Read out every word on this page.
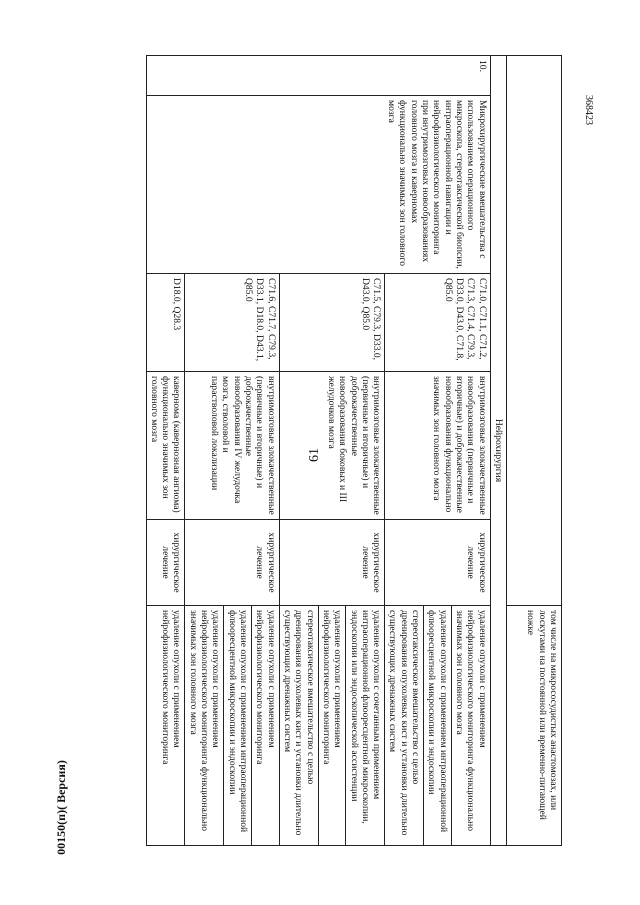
61
00150(п)( Версия)
368423
					том числе на микрососудистых анастомозах, или лоскутами на постоянной или временно-питающей ножке
Нейрохирургия					
10.	Микрохирургические вмешательства с использованием операционного микроскопа, стереотаксической биопсии, интраоперационной навигации и нейрофизиологического мониторинга при внутримозговых новообразованиях головного мозга и каверномах функционально значимых зон головного мозга	C71.0, C71.1, C71.2, C71.3, C71.4, C79.3, D33.0, D43.0, C71.8, Q85.0	внутримозговые злокачественные новообразования (первичные и вторичные) и доброкачественные новообразования функционально значимых зон головного мозга	хирургическое лечение	удаление опухоли с применением нейрофизиологического мониторинга функционально значимых зон головного мозга
					удаление опухоли с применением интраоперационной флюоресцентной микроскопии и эндоскопии
					стереотаксическое вмешательство с целью дренирования опухолевых кист и установки длительно существующих дренажных систем
		C71.5, C79.3, D33.0, D43.0, Q85.0	внутримозговые злокачественные (первичные и вторичные) и доброкачественные новообразования боковых и III желудочков мозга	хирургическое лечение	удаление опухоли с сочетанным применением интраоперационной флюоресцентной микроскопии, эндоскопии или эндоскопической ассистенции
					удаление опухоли с применением нейрофизиологического мониторинга
					стереотаксическое вмешательство с целью дренирования опухолевых кист и установки длительно существующих дренажных систем
		C71.6, C71.7, C79.3, D33.1, D18.0, D43.1, Q85.0	внутримозговые злокачественные (первичные и вторичные) и доброкачественные новообразования IV желудочка мозга, стволовой и парастволовой локализации	хирургическое лечение	удаление опухоли с применением нейрофизиологического мониторинга
					удаление опухоли с применением интраоперационной флюоресцентной микроскопии и эндоскопии
					удаление опухоли с применением нейрофизиологического мониторинга функционально значимых зон головного мозга
		D18.0, Q28.3	кавернома (кавернозная ангиома) функционально значимых зон головного мозга	хирургическое лечение	удаление опухоли с применением нейрофизиологического мониторинга
